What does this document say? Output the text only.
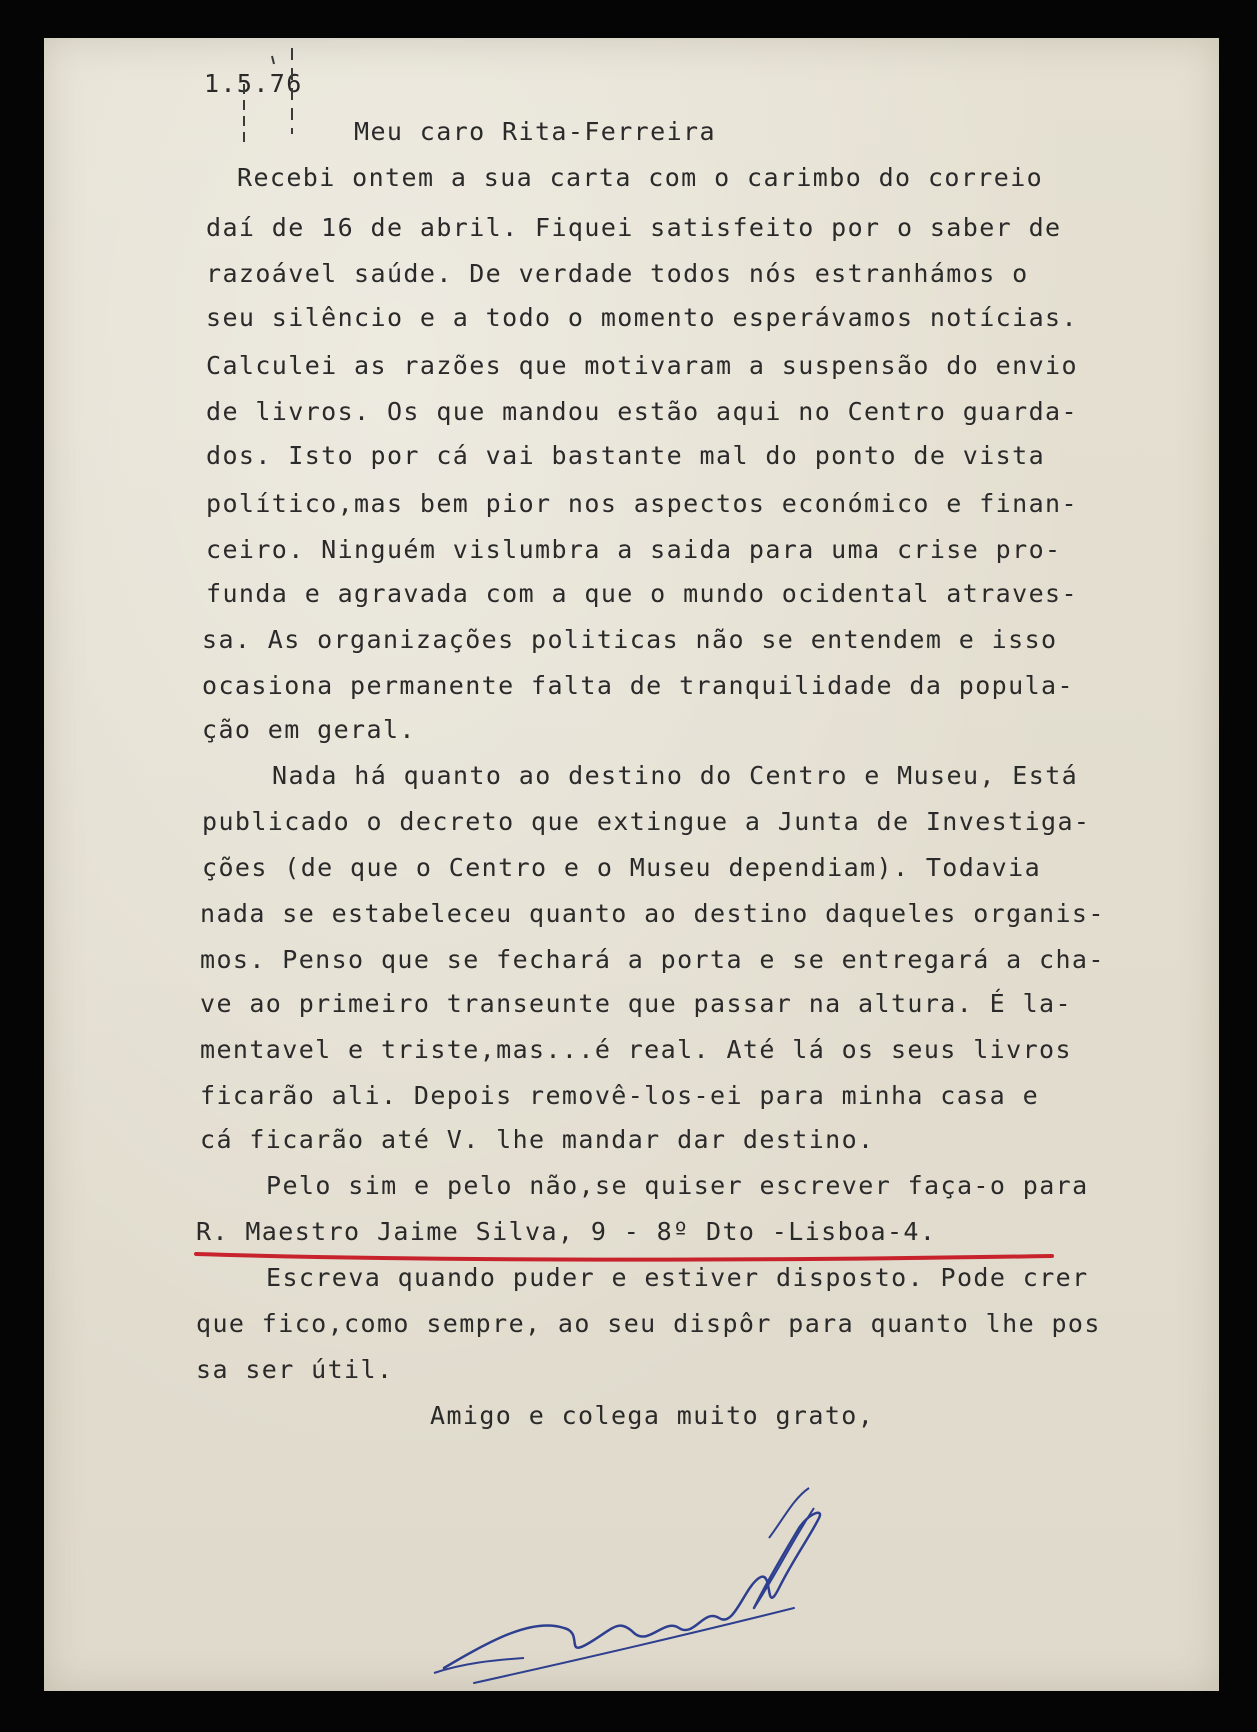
1.5.76
Meu caro Rita-Ferreira
Recebi ontem a sua carta com o carimbo do correio
daí de 16 de abril. Fiquei satisfeito por o saber de
razoável saúde. De verdade todos nós estranhámos o
seu silêncio e a todo o momento esperávamos notícias.
Calculei as razões que motivaram a suspensão do envio
de livros. Os que mandou estão aqui no Centro guarda-
dos. Isto por cá vai bastante mal do ponto de vista
político,mas bem pior nos aspectos económico e finan-
ceiro. Ninguém vislumbra a saida para uma crise pro-
funda e agravada com a que o mundo ocidental atraves-
sa. As organizações politicas não se entendem e isso
ocasiona permanente falta de tranquilidade da popula-
ção em geral.
Nada há quanto ao destino do Centro e Museu, Está
publicado o decreto que extingue a Junta de Investiga-
ções (de que o Centro e o Museu dependiam). Todavia
nada se estabeleceu quanto ao destino daqueles organis-
mos. Penso que se fechará a porta e se entregará a cha-
ve ao primeiro transeunte que passar na altura. É la-
mentavel e triste,mas...é real. Até lá os seus livros
ficarão ali. Depois removê-los-ei para minha casa e
cá ficarão até V. lhe mandar dar destino.
Pelo sim e pelo não,se quiser escrever faça-o para
R. Maestro Jaime Silva, 9 - 8º Dto -Lisboa-4.
Escreva quando puder e estiver disposto. Pode crer
que fico,como sempre, ao seu dispôr para quanto lhe pos
sa ser útil.
Amigo e colega muito grato,
